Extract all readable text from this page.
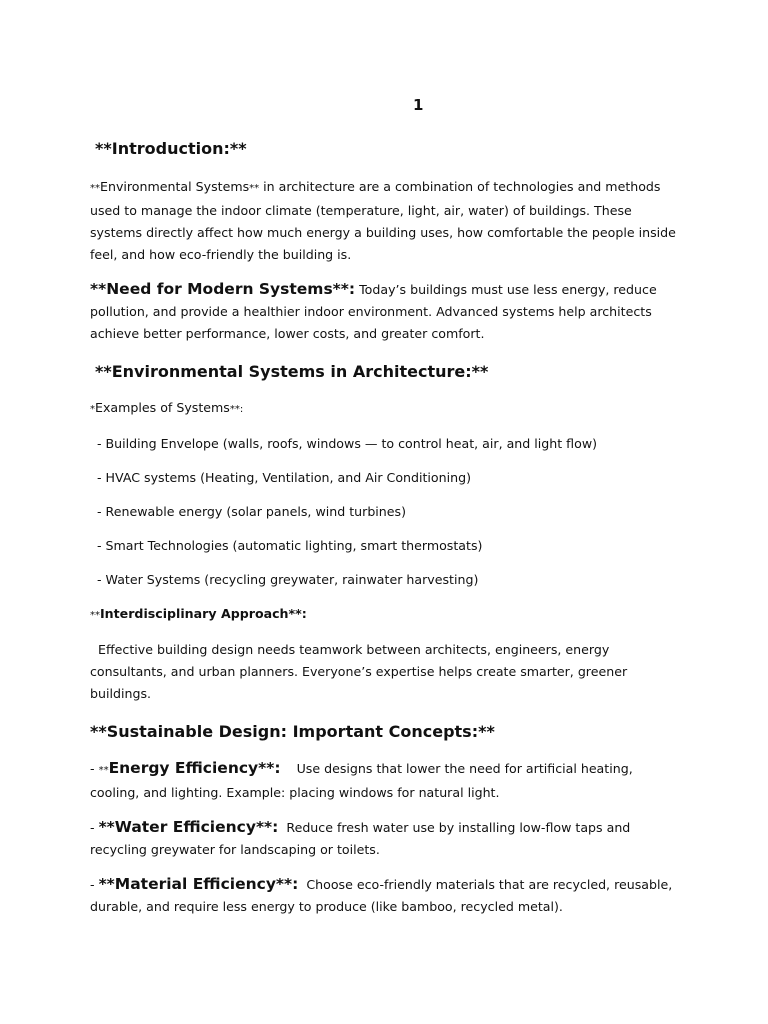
1
**Introduction:**

**Environmental Systems** in architecture are a combination of technologies and methods used to manage the indoor climate (temperature, light, air, water) of buildings. These systems directly affect how much energy a building uses, how comfortable the people inside feel, and how eco-friendly the building is.

**Need for Modern Systems**: Today’s buildings must use less energy, reduce pollution, and provide a healthier indoor environment. Advanced systems help architects achieve better performance, lower costs, and greater comfort.

**Environmental Systems in Architecture:**

*Examples of Systems**:

- Building Envelope (walls, roofs, windows — to control heat, air, and light flow)

- HVAC systems (Heating, Ventilation, and Air Conditioning)

- Renewable energy (solar panels, wind turbines)

- Smart Technologies (automatic lighting, smart thermostats)

- Water Systems (recycling greywater, rainwater harvesting)

**Interdisciplinary Approach**:

Effective building design needs teamwork between architects, engineers, energy consultants, and urban planners. Everyone’s expertise helps create smarter, greener buildings.

**Sustainable Design: Important Concepts:**

- **Energy Efficiency**:    Use designs that lower the need for artificial heating, cooling, and lighting. Example: placing windows for natural light.

- **Water Efficiency**:  Reduce fresh water use by installing low-flow taps and recycling greywater for landscaping or toilets.

- **Material Efficiency**:  Choose eco-friendly materials that are recycled, reusable, durable, and require less energy to produce (like bamboo, recycled metal).
